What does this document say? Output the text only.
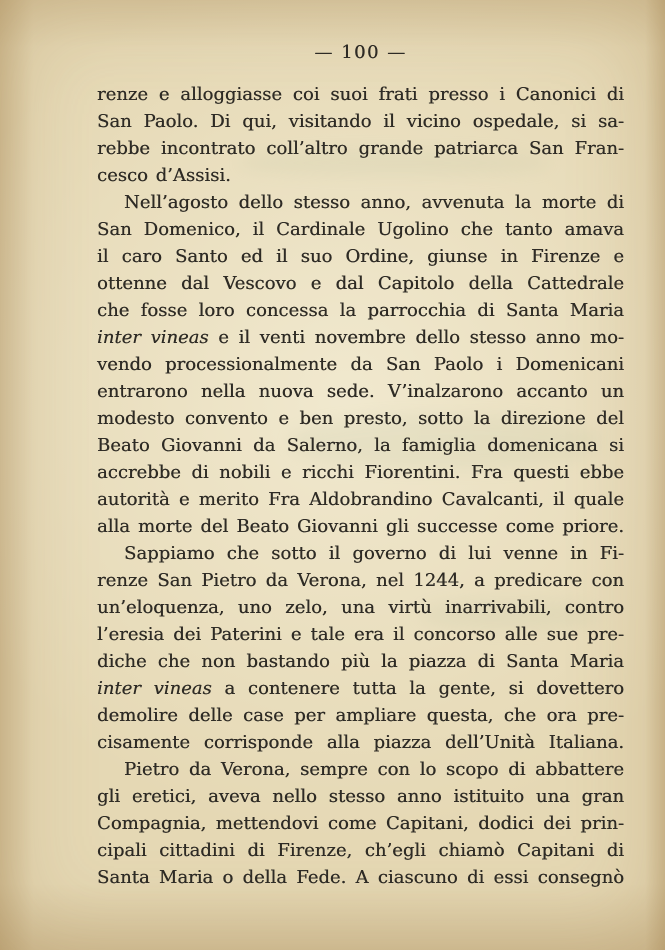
— 100 —
renze e alloggiasse coi suoi frati presso i Canonici di
San Paolo. Di qui, visitando il vicino ospedale, si sa-
rebbe incontrato coll’altro grande patriarca San Fran-
cesco d’Assisi.
Nell’agosto dello stesso anno, avvenuta la morte di
San Domenico, il Cardinale Ugolino che tanto amava
il caro Santo ed il suo Ordine, giunse in Firenze e
ottenne dal Vescovo e dal Capitolo della Cattedrale
che fosse loro concessa la parrocchia di Santa Maria
inter vineas e il venti novembre dello stesso anno mo-
vendo processionalmente da San Paolo i Domenicani
entrarono nella nuova sede. V’inalzarono accanto un
modesto convento e ben presto, sotto la direzione del
Beato Giovanni da Salerno, la famiglia domenicana si
accrebbe di nobili e ricchi Fiorentini. Fra questi ebbe
autorità e merito Fra Aldobrandino Cavalcanti, il quale
alla morte del Beato Giovanni gli successe come priore.
Sappiamo che sotto il governo di lui venne in Fi-
renze San Pietro da Verona, nel 1244, a predicare con
un’eloquenza, uno zelo, una virtù inarrivabili, contro
l’eresia dei Paterini e tale era il concorso alle sue pre-
diche che non bastando più la piazza di Santa Maria
inter vineas a contenere tutta la gente, si dovettero
demolire delle case per ampliare questa, che ora pre-
cisamente corrisponde alla piazza dell’Unità Italiana.
Pietro da Verona, sempre con lo scopo di abbattere
gli eretici, aveva nello stesso anno istituito una gran
Compagnia, mettendovi come Capitani, dodici dei prin-
cipali cittadini di Firenze, ch’egli chiamò Capitani di
Santa Maria o della Fede. A ciascuno di essi consegnò
